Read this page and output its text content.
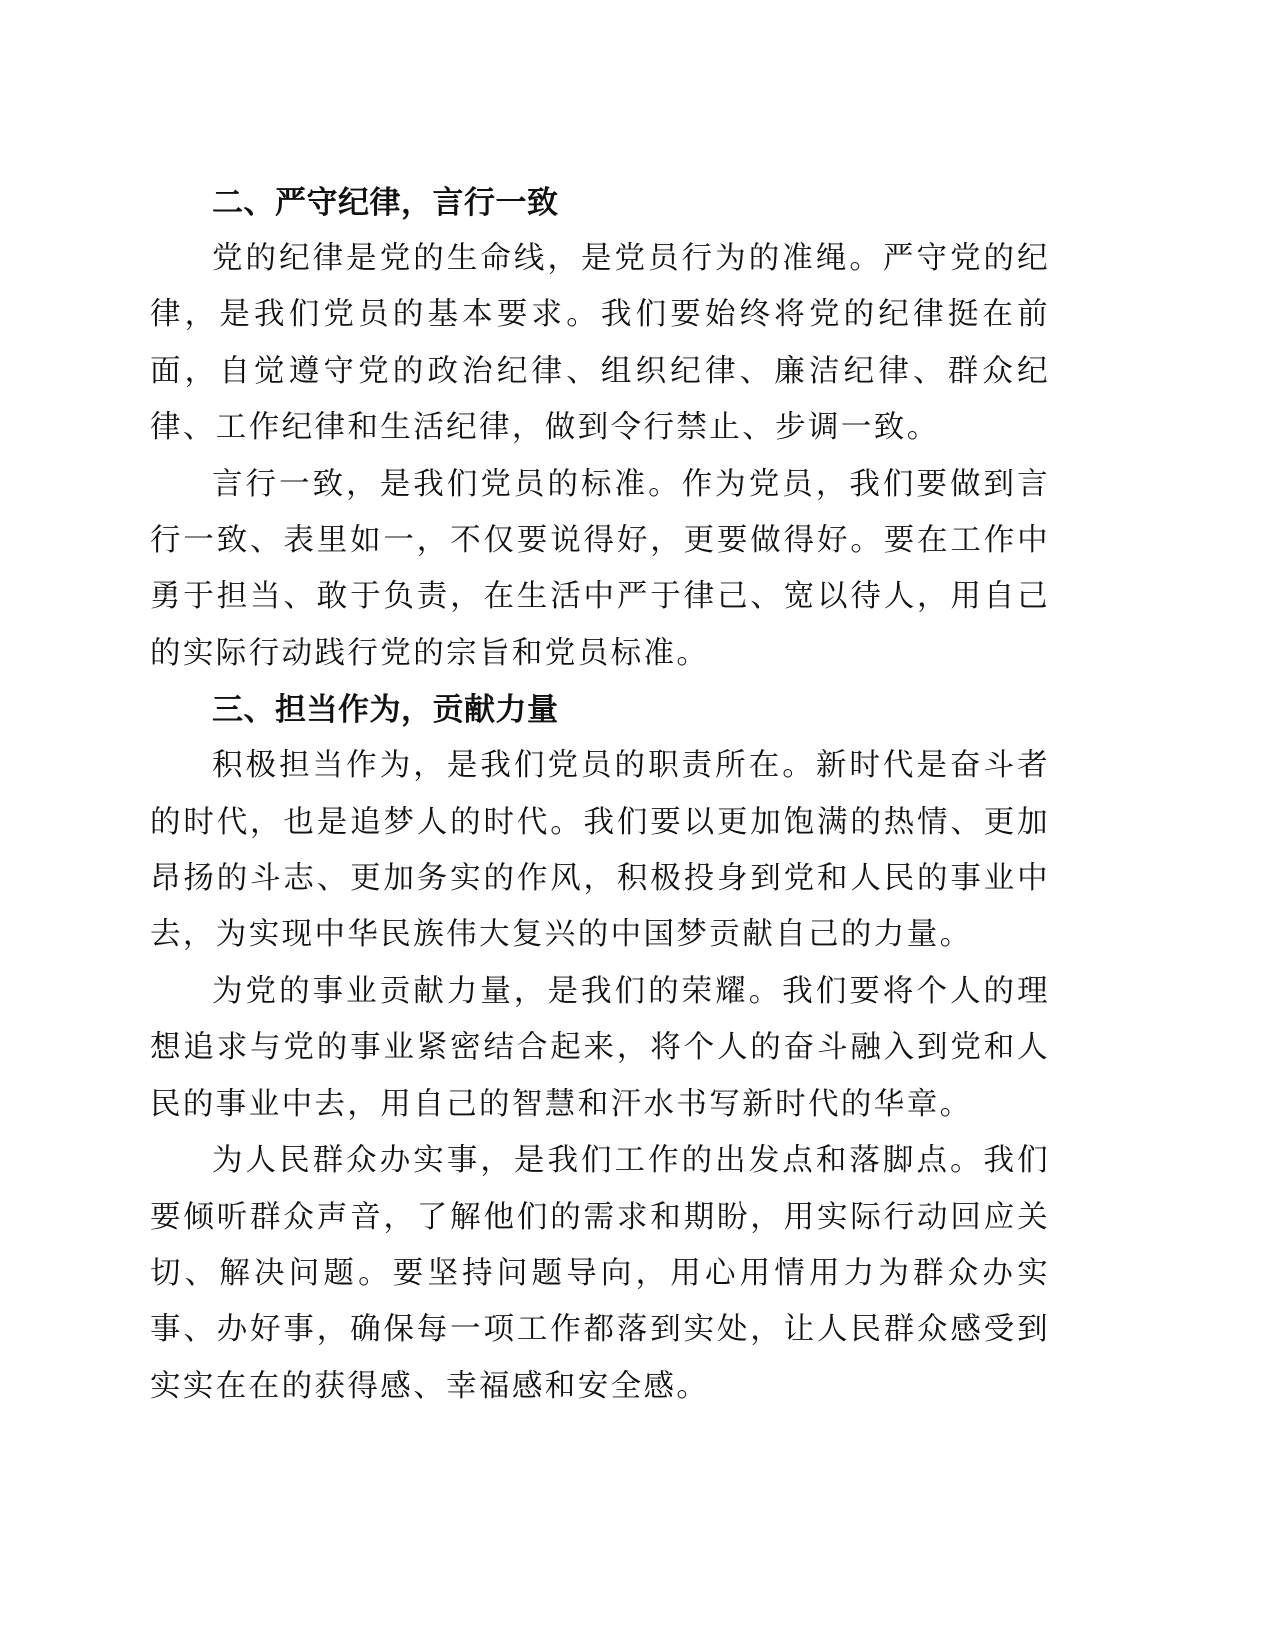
二、严守纪律，言行一致

党的纪律是党的生命线，是党员行为的准绳。严守党的纪律，是我们党员的基本要求。我们要始终将党的纪律挺在前面，自觉遵守党的政治纪律、组织纪律、廉洁纪律、群众纪律、工作纪律和生活纪律，做到令行禁止、步调一致。

言行一致，是我们党员的标准。作为党员，我们要做到言行一致、表里如一，不仅要说得好，更要做得好。要在工作中勇于担当、敢于负责，在生活中严于律己、宽以待人，用自己的实际行动践行党的宗旨和党员标准。

三、担当作为，贡献力量

积极担当作为，是我们党员的职责所在。新时代是奋斗者的时代，也是追梦人的时代。我们要以更加饱满的热情、更加昂扬的斗志、更加务实的作风，积极投身到党和人民的事业中去，为实现中华民族伟大复兴的中国梦贡献自己的力量。

为党的事业贡献力量，是我们的荣耀。我们要将个人的理想追求与党的事业紧密结合起来，将个人的奋斗融入到党和人民的事业中去，用自己的智慧和汗水书写新时代的华章。

为人民群众办实事，是我们工作的出发点和落脚点。我们要倾听群众声音，了解他们的需求和期盼，用实际行动回应关切、解决问题。要坚持问题导向，用心用情用力为群众办实事、办好事，确保每一项工作都落到实处，让人民群众感受到实实在在的获得感、幸福感和安全感。
